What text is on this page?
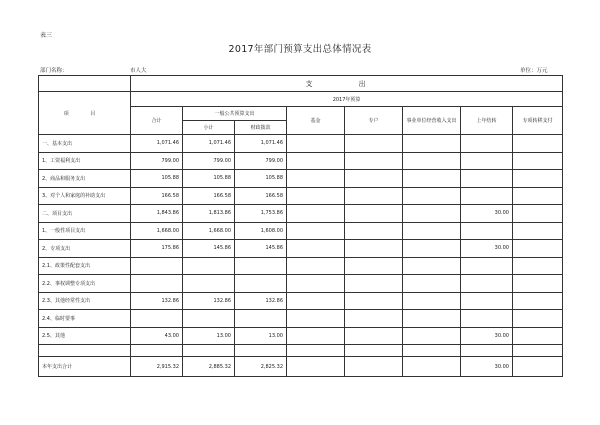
表三
2017年部门预算支出总体情况表
部门名称：	市人大	单位：万元
	支 出							
项 目	2017年预算							
	合计	一般公共预算支出		基金	专户	事业单位经营收入支出	上年结转	专项转移支付
		小计	财政拨款					
一、基本支出	1,071.46	1,071.46	1,071.46					
1、工资福利支出	799.00	799.00	799.00					
2、商品和服务支出	105.88	105.88	105.88					
3、对个人和家庭的补助支出	166.58	166.58	166.58					
二、项目支出	1,843.86	1,813.86	1,753.86				30.00	
1、一般性项目支出	1,668.00	1,668.00	1,608.00					
2、专项支出	175.86	145.86	145.86				30.00	
2.1、政策性配套支出								
2.2、事权调整专项支出								
2.3、其他经常性支出	132.86	132.86	132.86					
2.4、临时要事								
2.5、其他	43.00	13.00	13.00				30.00	

本年支出合计	2,915.32	2,885.32	2,825.32				30.00	
